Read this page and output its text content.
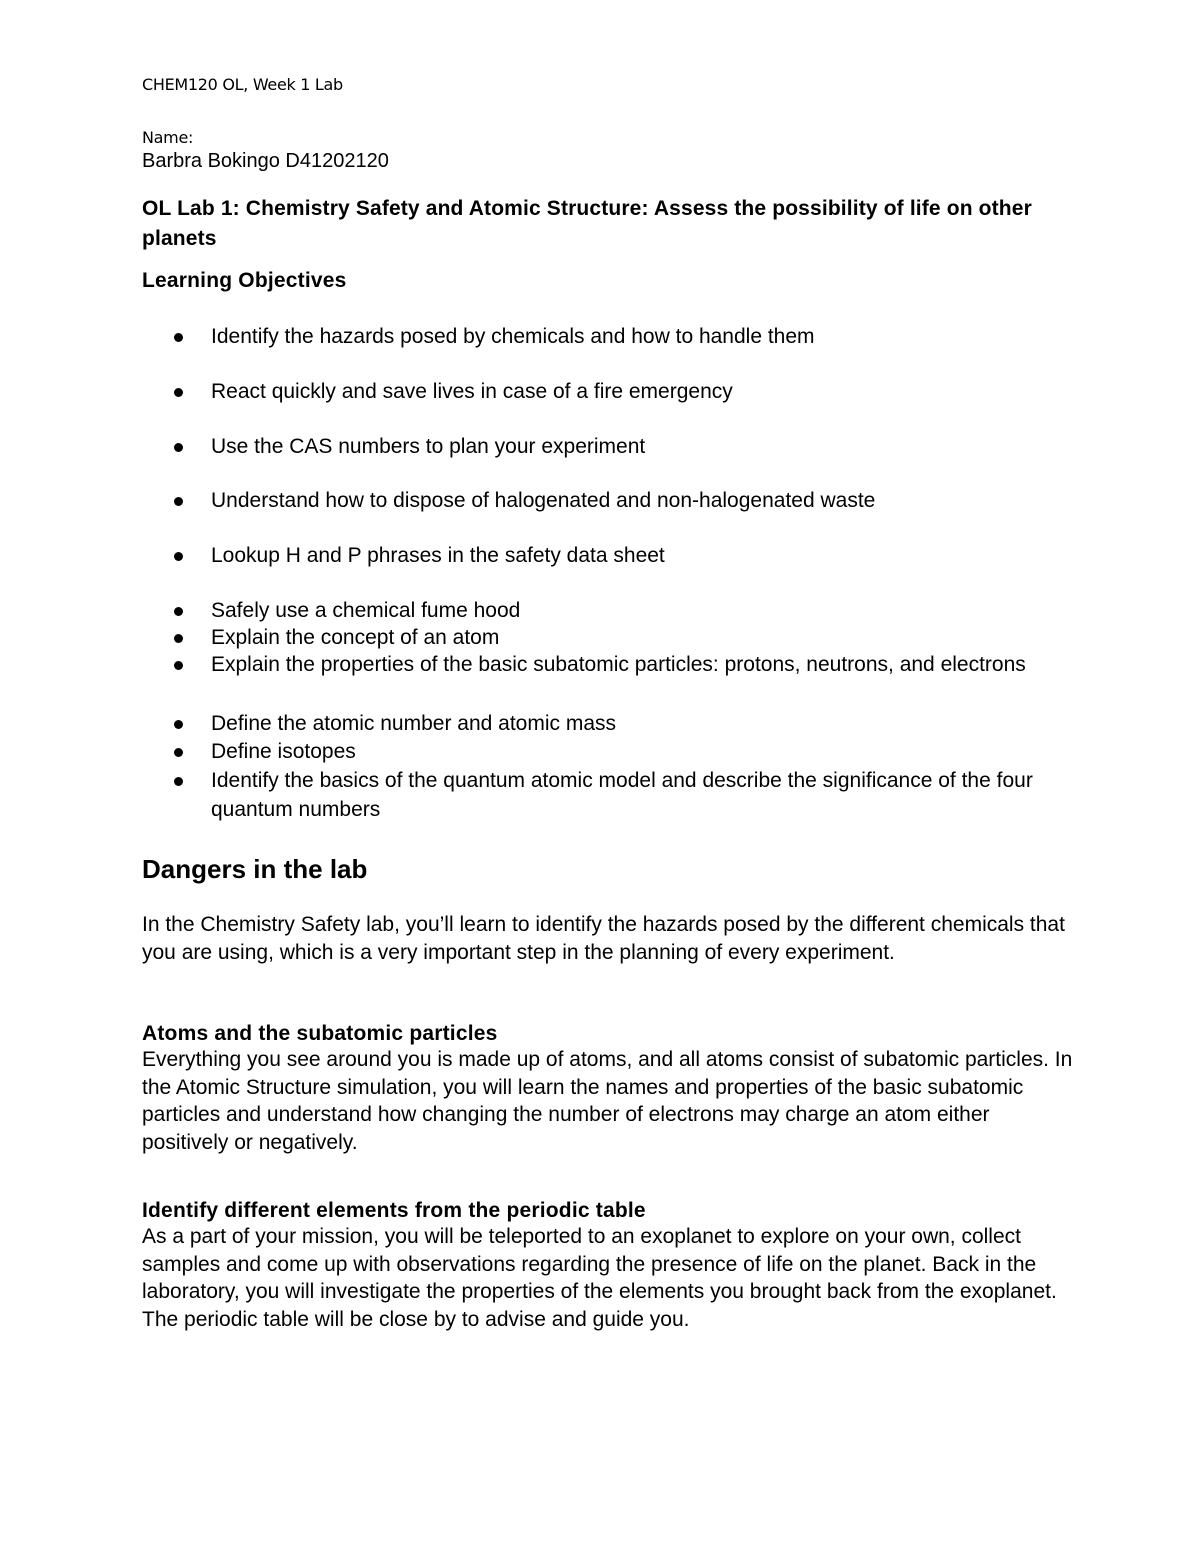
CHEM120 OL, Week 1 Lab
Name:
Barbra Bokingo D41202120
OL Lab 1: Chemistry Safety and Atomic Structure: Assess the possibility of life on other planets
Learning Objectives
Identify the hazards posed by chemicals and how to handle them
React quickly and save lives in case of a fire emergency
Use the CAS numbers to plan your experiment
Understand how to dispose of halogenated and non-halogenated waste
Lookup H and P phrases in the safety data sheet
Safely use a chemical fume hood
Explain the concept of an atom
Explain the properties of the basic subatomic particles: protons, neutrons, and electrons
Define the atomic number and atomic mass
Define isotopes
Identify the basics of the quantum atomic model and describe the significance of the four quantum numbers
Dangers in the lab
In the Chemistry Safety lab, you’ll learn to identify the hazards posed by the different chemicals that you are using, which is a very important step in the planning of every experiment.
Atoms and the subatomic particles
Everything you see around you is made up of atoms, and all atoms consist of subatomic particles. In the Atomic Structure simulation, you will learn the names and properties of the basic subatomic particles and understand how changing the number of electrons may charge an atom either positively or negatively.
Identify different elements from the periodic table
As a part of your mission, you will be teleported to an exoplanet to explore on your own, collect samples and come up with observations regarding the presence of life on the planet. Back in the laboratory, you will investigate the properties of the elements you brought back from the exoplanet. The periodic table will be close by to advise and guide you.
